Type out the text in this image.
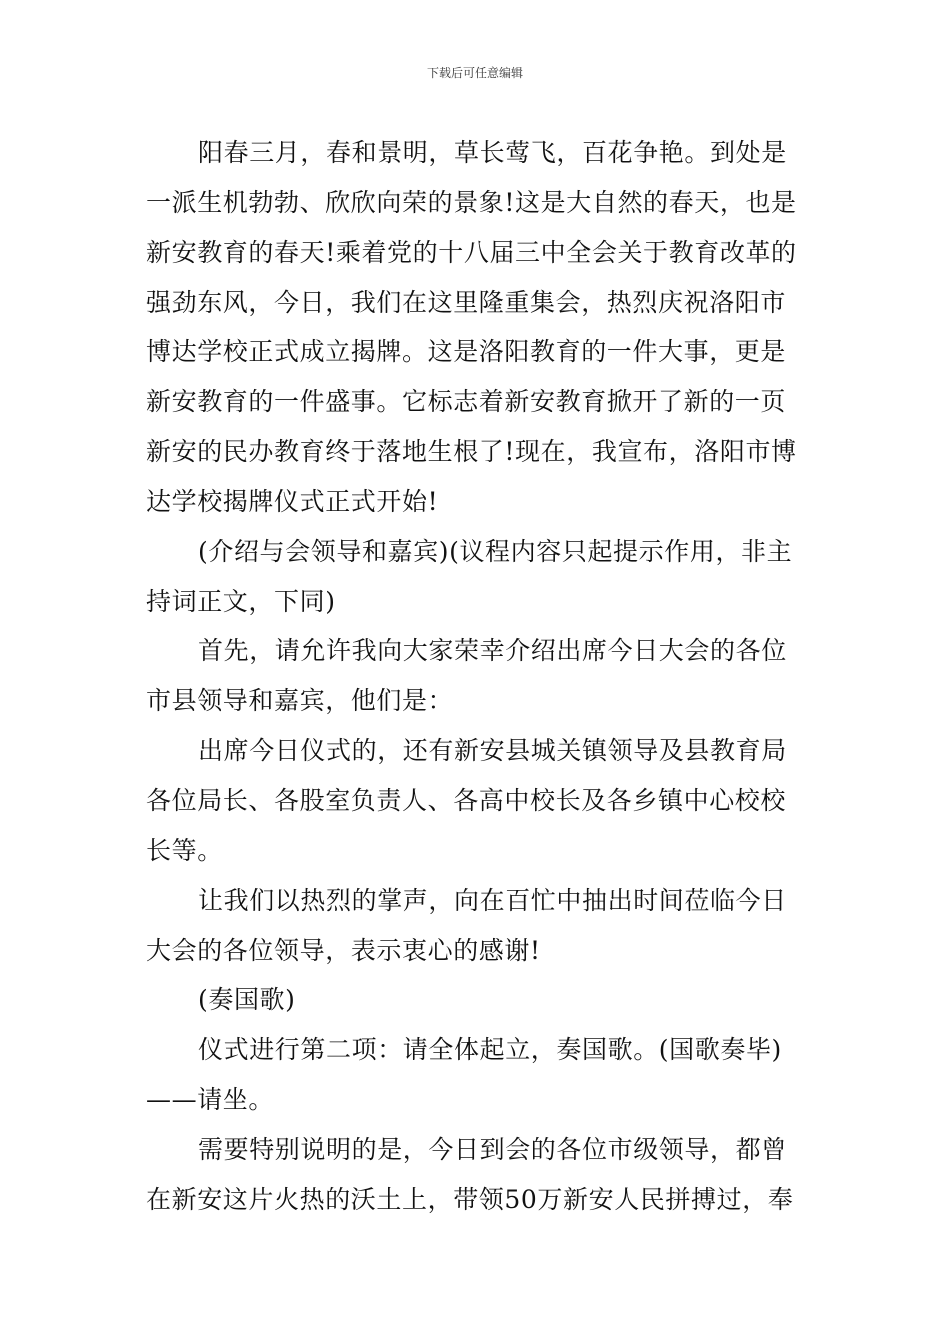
下载后可任意编辑
阳春三月，春和景明，草长莺飞，百花争艳。到处是
一派生机勃勃、欣欣向荣的景象!这是大自然的春天，也是
新安教育的春天!乘着党的十八届三中全会关于教育改革的
强劲东风，今日，我们在这里隆重集会，热烈庆祝洛阳市
博达学校正式成立揭牌。这是洛阳教育的一件大事，更是
新安教育的一件盛事。它标志着新安教育掀开了新的一页
新安的民办教育终于落地生根了!现在，我宣布，洛阳市博
达学校揭牌仪式正式开始!
(介绍与会领导和嘉宾)(议程内容只起提示作用，非主
持词正文，下同)
首先，请允许我向大家荣幸介绍出席今日大会的各位
市县领导和嘉宾，他们是：
出席今日仪式的，还有新安县城关镇领导及县教育局
各位局长、各股室负责人、各高中校长及各乡镇中心校校
长等。
让我们以热烈的掌声，向在百忙中抽出时间莅临今日
大会的各位领导，表示衷心的感谢!
(奏国歌)
仪式进行第二项：请全体起立，奏国歌。(国歌奏毕)
——请坐。
需要特别说明的是，今日到会的各位市级领导，都曾
在新安这片火热的沃土上，带领50万新安人民拼搏过，奉
